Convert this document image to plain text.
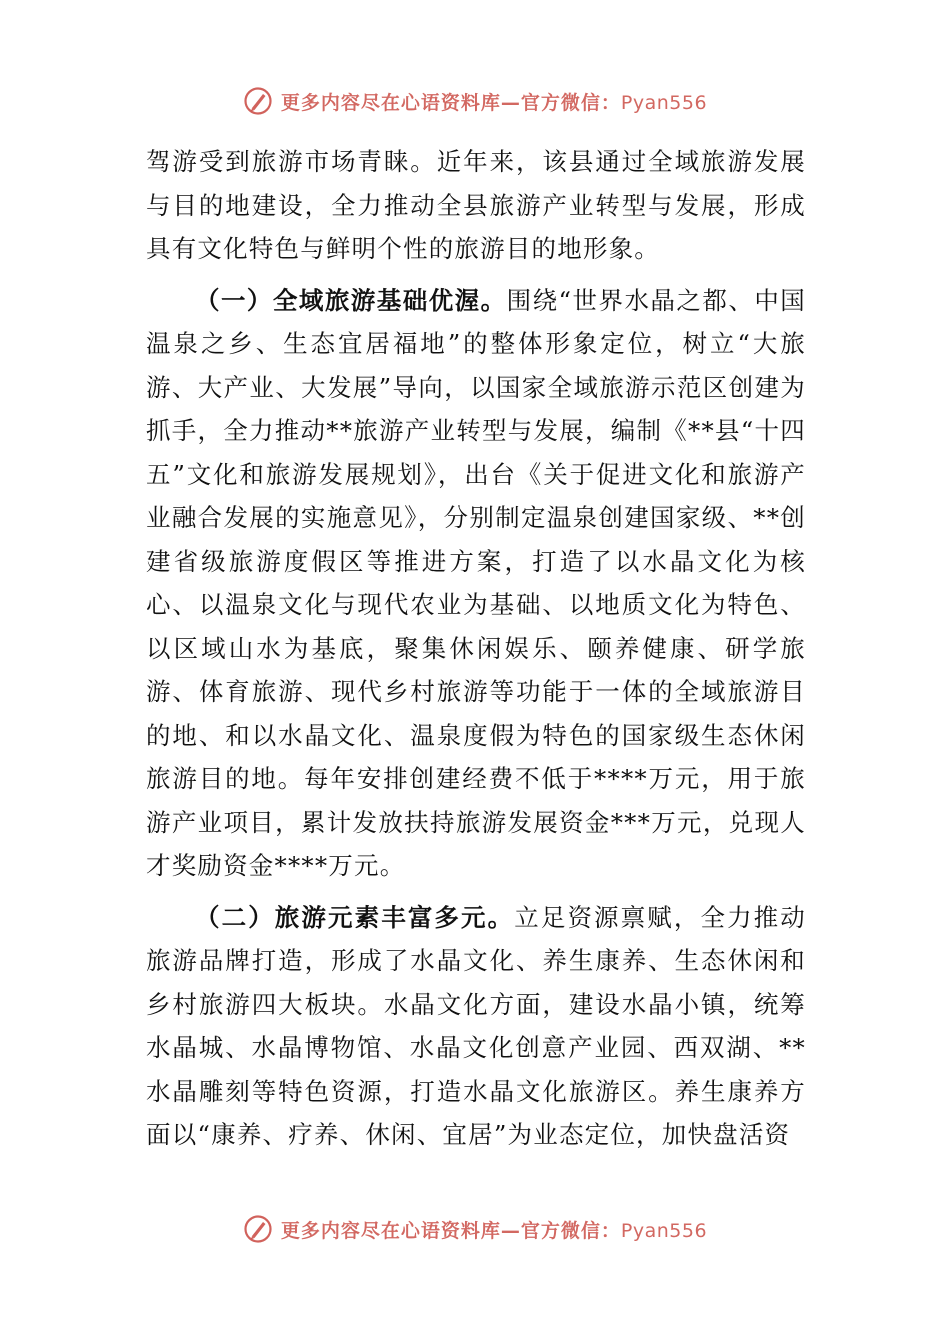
更多内容尽在心语资料库—官方微信：Pyan556

驾游受到旅游市场青睐。近年来，该县通过全域旅游发展与目的地建设，全力推动全县旅游产业转型与发展，形成具有文化特色与鲜明个性的旅游目的地形象。

（一）全域旅游基础优渥。围绕“世界水晶之都、中国温泉之乡、生态宜居福地”的整体形象定位，树立“大旅游、大产业、大发展”导向，以国家全域旅游示范区创建为抓手，全力推动**旅游产业转型与发展，编制《**县“十四五”文化和旅游发展规划》，出台《关于促进文化和旅游产业融合发展的实施意见》，分别制定温泉创建国家级、**创建省级旅游度假区等推进方案，打造了以水晶文化为核心、以温泉文化与现代农业为基础、以地质文化为特色、以区域山水为基底，聚集休闲娱乐、颐养健康、研学旅游、体育旅游、现代乡村旅游等功能于一体的全域旅游目的地、和以水晶文化、温泉度假为特色的国家级生态休闲旅游目的地。每年安排创建经费不低于****万元，用于旅游产业项目，累计发放扶持旅游发展资金***万元，兑现人才奖励资金****万元。

（二）旅游元素丰富多元。立足资源禀赋，全力推动旅游品牌打造，形成了水晶文化、养生康养、生态休闲和乡村旅游四大板块。水晶文化方面，建设水晶小镇，统筹水晶城、水晶博物馆、水晶文化创意产业园、西双湖、**水晶雕刻等特色资源，打造水晶文化旅游区。养生康养方面以“康养、疗养、休闲、宜居”为业态定位，加快盘活资

更多内容尽在心语资料库—官方微信：Pyan556
